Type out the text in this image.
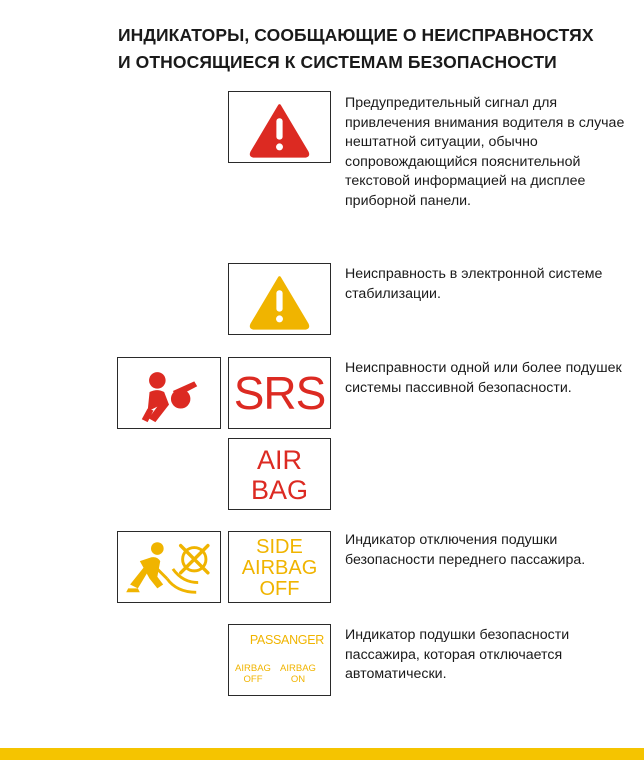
ИНДИКАТОРЫ, СООБЩАЮЩИЕ О НЕИСПРАВНОСТЯХ
И ОТНОСЯЩИЕСЯ К СИСТЕМАМ БЕЗОПАСНОСТИ

Предупредительный сигнал для привлечения внимания водителя в случае нештатной ситуации, обычно сопровождающийся пояснительной текстовой информацией на дисплее приборной панели.

Неисправность в электронной системе стабилизации.

SRS	Неисправности одной или более подушек системы пассивной безопасности.

AIR
BAG
SIDE
AIRBAG
OFF

Индикатор отключения подушки безопасности переднего пассажира.

PASSANGER
AIRBAG
OFF
AIRBAG
ON

Индикатор подушки безопасности пассажира, которая отключается автоматически.
